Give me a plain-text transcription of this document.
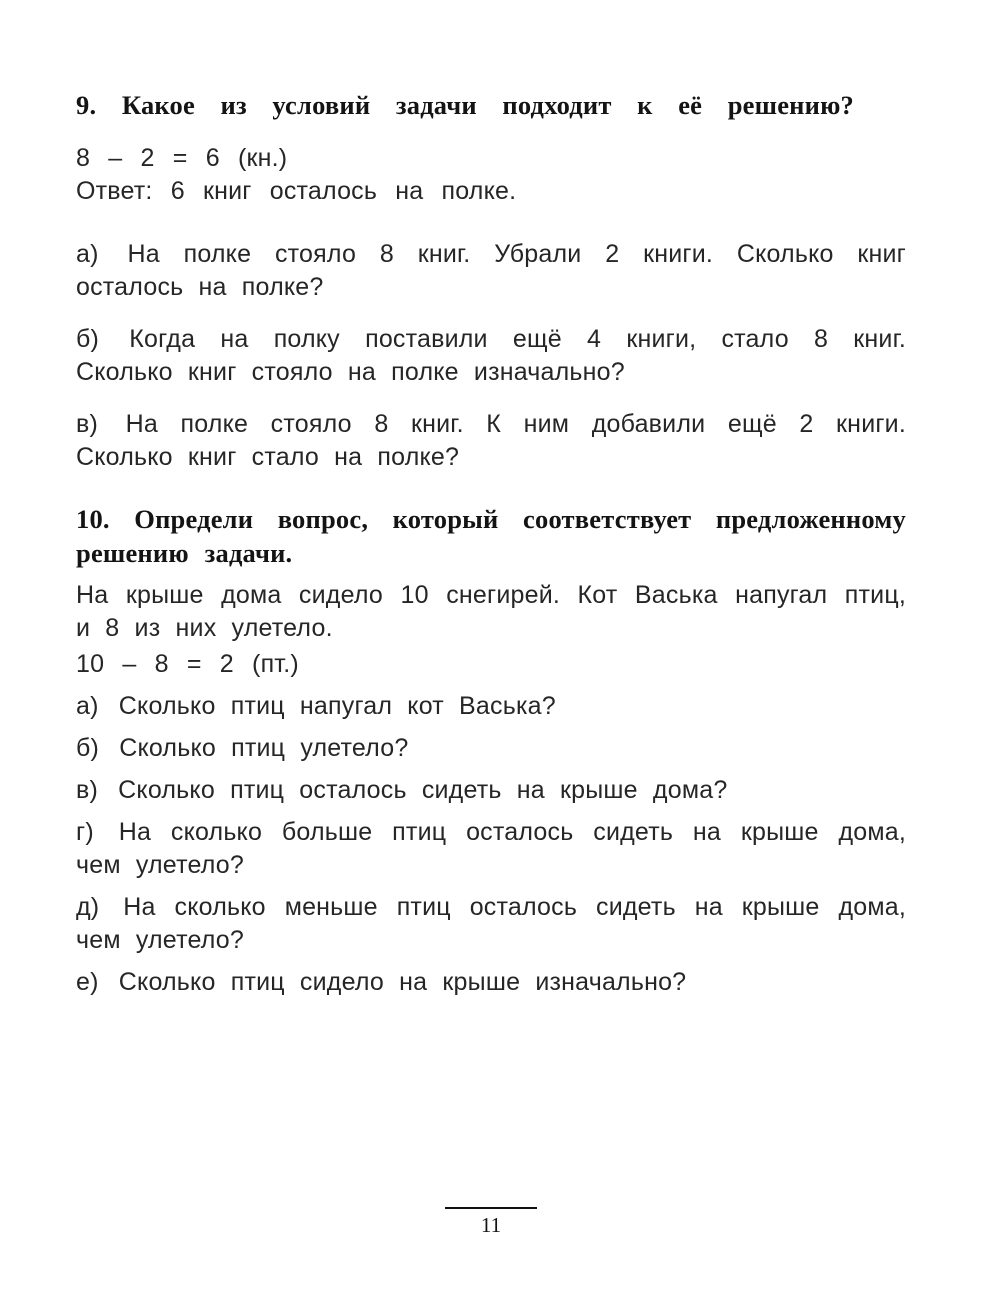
9. Какое из условий задачи подходит к её решению?

8 – 2 = 6 (кн.)

Ответ: 6 книг осталось на полке.

а) На полке стояло 8 книг. Убрали 2 книги. Сколько книг осталось на полке?

б) Когда на полку поставили ещё 4 книги, стало 8 книг. Сколько книг стояло на полке изначально?

в) На полке стояло 8 книг. К ним добавили ещё 2 книги. Сколько книг стало на полке?

10. Определи вопрос, который соответствует предложенному решению задачи.

На крыше дома сидело 10 снегирей. Кот Васька напугал птиц, и 8 из них улетело.

10 – 8 = 2 (пт.)

а) Сколько птиц напугал кот Васька?

б) Сколько птиц улетело?

в) Сколько птиц осталось сидеть на крыше дома?

г) На сколько больше птиц осталось сидеть на крыше дома, чем улетело?

д) На сколько меньше птиц осталось сидеть на крыше дома, чем улетело?

е) Сколько птиц сидело на крыше изначально?

11
